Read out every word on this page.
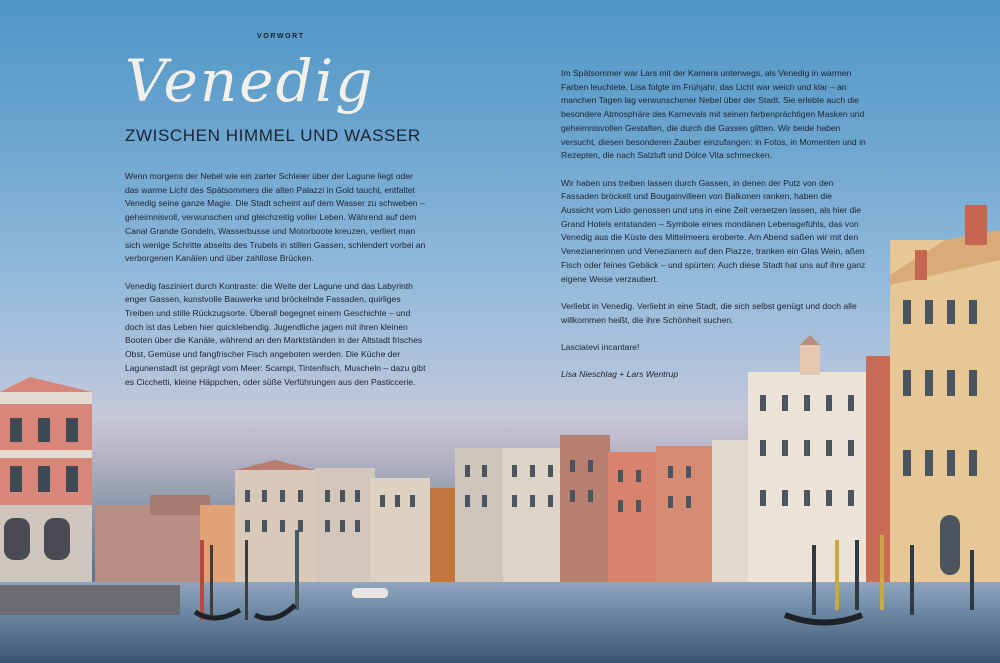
VORWORT
Venedig
ZWISCHEN HIMMEL UND WASSER

Wenn morgens der Nebel wie ein zarter Schleier über der Lagune liegt oder das warme Licht des Spätsommers die alten Palazzi in Gold taucht, entfaltet Venedig seine ganze Magie. Die Stadt scheint auf dem Wasser zu schweben – geheimnisvoll, verwunschen und gleichzeitig voller Leben. Während auf dem Canal Grande Gondeln, Wasserbusse und Motorboote kreuzen, verliert man sich wenige Schritte abseits des Trubels in stillen Gassen, schlendert vorbei an verborgenen Kanälen und über zahllose Brücken.

Venedig fasziniert durch Kontraste: die Weite der Lagune und das Labyrinth enger Gassen, kunstvolle Bauwerke und bröckelnde Fassaden, quirliges Treiben und stille Rückzugsorte. Überall begegnet einem Geschichte – und doch ist das Leben hier quicklebendig. Jugendliche jagen mit ihren kleinen Booten über die Kanäle, während an den Marktständen in der Altstadt frisches Obst, Gemüse und fangfrischer Fisch angeboten werden. Die Küche der Lagunenstadt ist geprägt vom Meer: Scampi, Tintenfisch, Muscheln – dazu gibt es Cicchetti, kleine Häppchen, oder süße Verführungen aus den Pasticcerie.

Im Spätsommer war Lars mit der Kamera unterwegs, als Venedig in warmen Farben leuchtete. Lisa folgte im Frühjahr, das Licht war weich und klar – an manchen Tagen lag verwunschener Nebel über der Stadt. Sie erlebte auch die besondere Atmosphäre des Karnevals mit seinen farbenprächtigen Masken und geheimnisvollen Gestalten, die durch die Gassen glitten. Wir beide haben versucht, diesen besonderen Zauber einzufangen: in Fotos, in Momenten und in Rezepten, die nach Salzluft und Dolce Vita schmecken.

Wir haben uns treiben lassen durch Gassen, in denen der Putz von den Fassaden bröckelt und Bougainvilleen von Balkonen ranken, haben die Aussicht vom Lido genossen und uns in eine Zeit versetzen lassen, als hier die Grand Hotels entstanden – Symbole eines mondänen Lebensgefühls, das von Venedig aus die Küste des Mittelmeers eroberte. Am Abend saßen wir mit den Venezianerinnen und Venezianern auf den Piazze, tranken ein Glas Wein, aßen Fisch oder feines Gebäck – und spürten: Auch diese Stadt hat uns auf ihre ganz eigene Weise verzaubert.

Verliebt in Venedig. Verliebt in eine Stadt, die sich selbst genügt und doch alle willkommen heißt, die ihre Schönheit suchen.

Lasciatevi incantare!

Lisa Nieschlag + Lars Wentrup
